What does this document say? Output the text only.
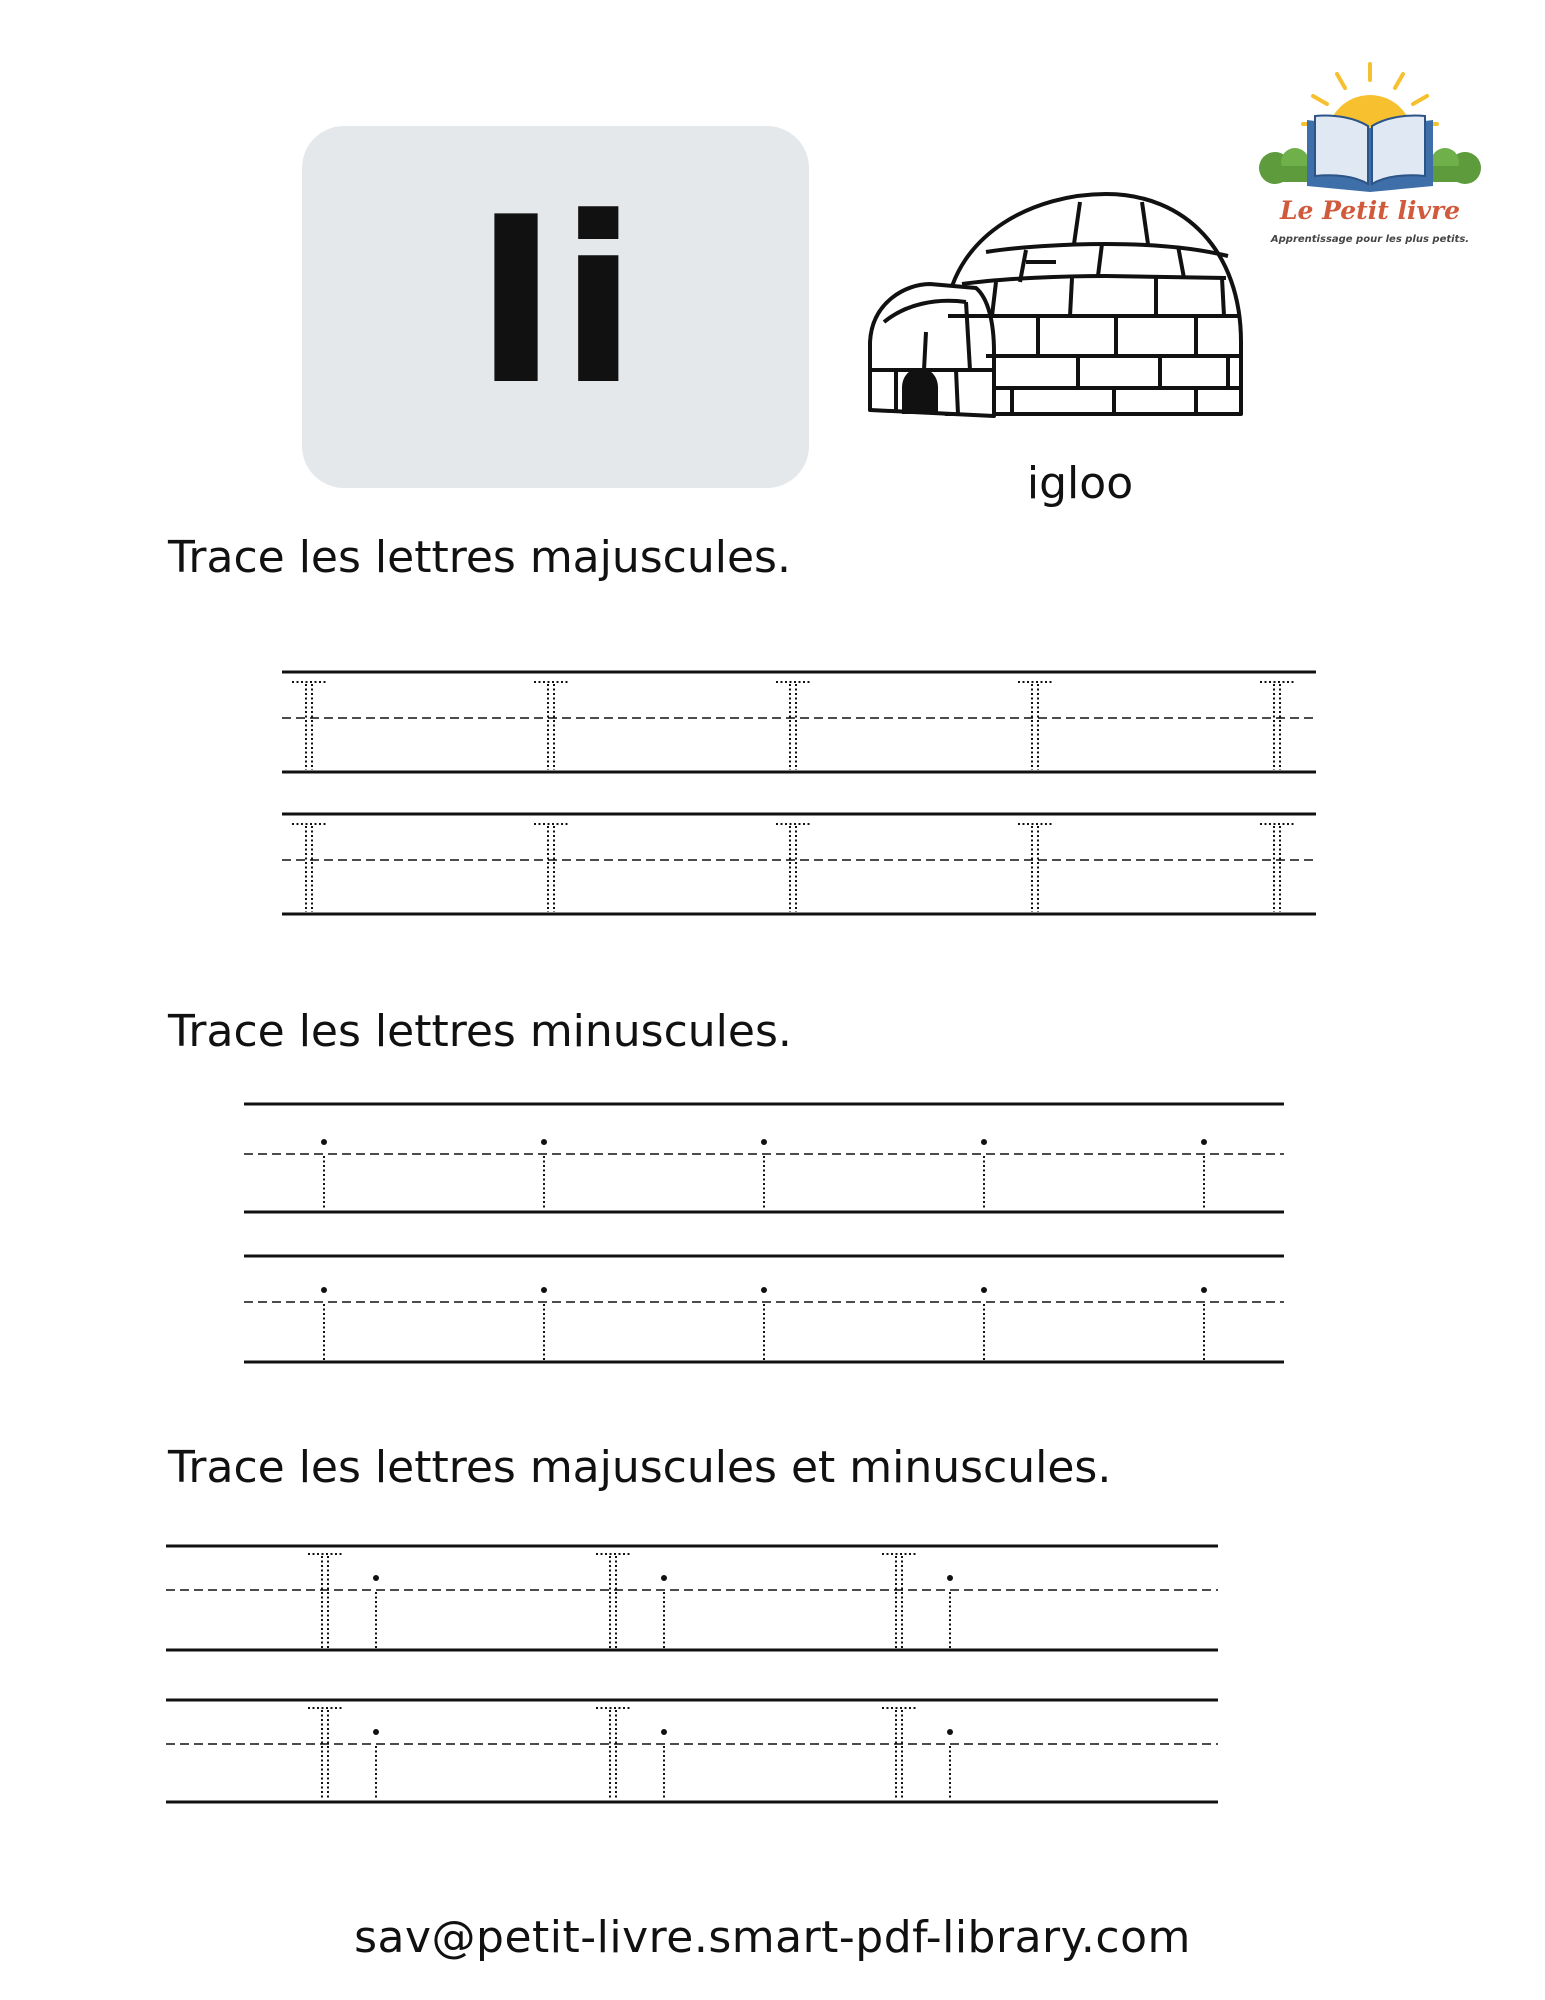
Ii
igloo
Le Petit livre
Apprentissage pour les plus petits.
Trace les lettres majuscules.
Trace les lettres minuscules.
Trace les lettres majuscules et minuscules.
sav@petit-livre.smart-pdf-library.com
